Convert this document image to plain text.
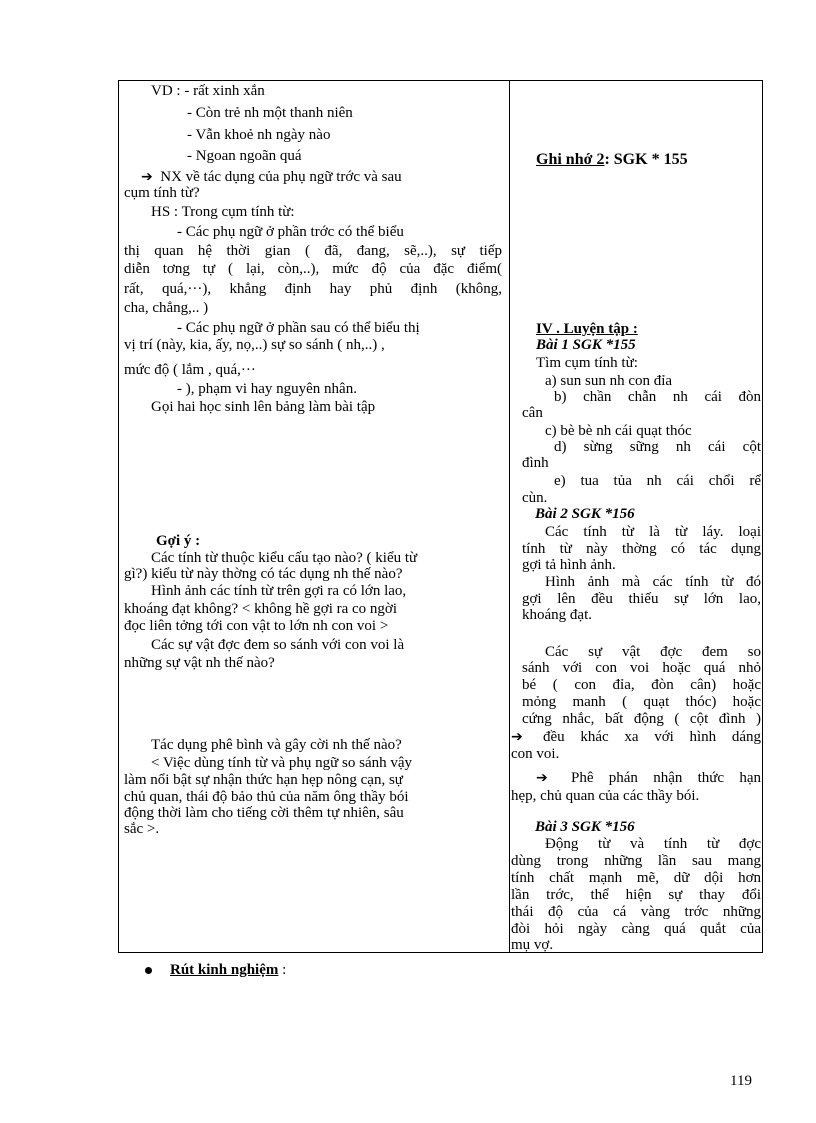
VD : - rất xinh xắn
- Còn trẻ nh một thanh niên
- Vẫn khoẻ nh ngày nào
- Ngoan ngoãn quá
➔ NX về tác dụng của phụ ngữ trớc và sau
cụm tính từ?
HS : Trong cụm tính từ:
- Các phụ ngữ ở phần trớc có thể biểu
thị quan hệ thời gian ( đã, đang, sẽ,..), sự tiếp
diễn tơng tự ( lại, còn,..), mức độ của đặc điểm(
rất, quá,···), khẳng định hay phủ định (không,
cha, chẳng,.. )
- Các phụ ngữ ở phần sau có thể biểu thị
vị trí (này, kia, ấy, nọ,..) sự so sánh ( nh,..) ,
mức độ ( lắm , quá,···
- ), phạm vi hay nguyên nhân.
Gọi hai học sinh lên bảng làm bài tập
Gợi ý :
Các tính từ thuộc kiểu cấu tạo nào? ( kiểu từ
gì?) kiểu từ này thờng có tác dụng nh thế nào?
Hình ảnh các tính từ trên gợi ra có lớn lao,
khoáng đạt không? < không hề gợi ra co ngời
đọc liên tởng tới con vật to lớn nh con voi >
Các sự vật đợc đem so sánh với con voi là
những sự vật nh thế nào?
Tác dụng phê bình và gây cời nh thế nào?
< Việc dùng tính từ và phụ ngữ so sánh vậy
làm nổi bật sự nhận thức hạn hẹp nông cạn, sự
chủ quan, thái độ bảo thủ của năm ông thầy bói
động thời làm cho tiếng cời thêm tự nhiên, sâu
sắc >.
Ghi nhớ 2: SGK * 155
IV . Luyện tập :
Bài 1 SGK *155
Tìm cụm tính từ:
a) sun sun nh con đỉa
b) chần chẫn nh cái đòn
cân
c) bè bè nh cái quạt thóc
d) sừng sững nh cái cột
đình
e) tua tủa nh cái chổi rể
cùn.
Bài 2 SGK *156
Các tính từ là từ láy. loại
tính từ này thờng có tác dụng
gợi tả hình ảnh.
Hình ảnh mà các tính từ đó
gợi lên đều thiếu sự lớn lao,
khoáng đạt.
Các sự vật đợc đem so
sánh với con voi hoặc quá nhỏ
bé ( con đỉa, đòn cân) hoặc
mỏng manh ( quạt thóc) hoặc
cứng nhắc, bất động ( cột đình )
➔ đều khác xa với hình dáng
con voi.
➔ Phê phán nhận thức hạn
hẹp, chủ quan của các thầy bói.
Bài 3 SGK *156
Động từ và tính từ đợc
dùng trong những lần sau mang
tính chất mạnh mẽ, dữ dội hơn
lần trớc, thể hiện sự thay đổi
thái độ của cá vàng trớc những
đòi hỏi ngày càng quá quắt của
mụ vợ.
Rút kinh nghiệm :
119
